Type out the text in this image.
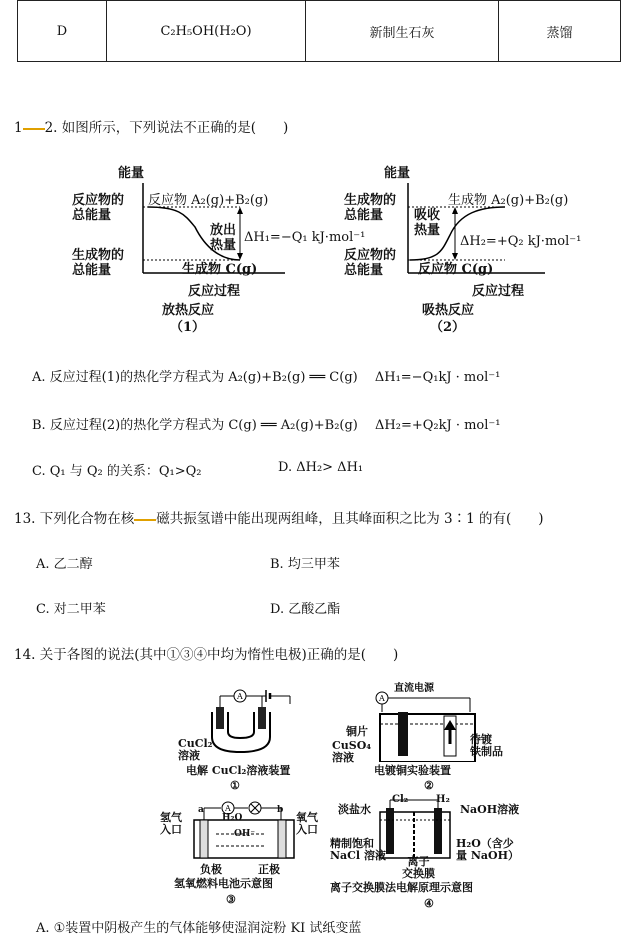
D	C₂H₅OH(H₂O)	新制生石灰	蒸馏
1 2. 如图所示，下列说法不正确的是(　　)
能量
反应物的
总能量
生成物的
总能量
反应物 A₂(g)+B₂(g)
放出
热量
ΔH₁=−Q₁ kJ·mol⁻¹
生成物 C(g)
反应过程
放热反应
（1）
能量
生成物的
总能量
反应物的
总能量
生成物 A₂(g)+B₂(g)
吸收
热量
ΔH₂=+Q₂ kJ·mol⁻¹
反应物 C(g)
反应过程
吸热反应
（2）
A. 反应过程(1)的热化学方程式为 A₂(g)+B₂(g) ══ C(g)　 ΔH₁=−Q₁kJ · mol⁻¹
B. 反应过程(2)的热化学方程式为 C(g) ══ A₂(g)+B₂(g)　 ΔH₂=+Q₂kJ · mol⁻¹
C. Q₁ 与 Q₂ 的关系：Q₁>Q₂	D. ΔH₂> ΔH₁
13. 下列化合物在核 磁共振氢谱中能出现两组峰，且其峰面积之比为 3∶1 的有(　　)
A. 乙二醇	B. 均三甲苯
C. 对二甲苯	D. 乙酸乙酯
14. 关于各图的说法(其中①③④中均为惰性电极)正确的是(　　)
A
CuCl₂
溶液
电解 CuCl₂溶液装置
①
A
直流电源
铜片
CuSO₄
溶液
待镀
铁制品
电镀铜实验装置
②
A
a	b
H₂O
OH⁻
氢气
入口
氧气
入口
负极	正极
氢氧燃料电池示意图
③
淡盐水
Cl₂	H₂
NaOH溶液
精制饱和
NaCl 溶液	离子
交换膜
H₂O（含少
量 NaOH）
离子交换膜法电解原理示意图
④
A. ①装置中阴极产生的气体能够使湿润淀粉 KI 试纸变蓝
